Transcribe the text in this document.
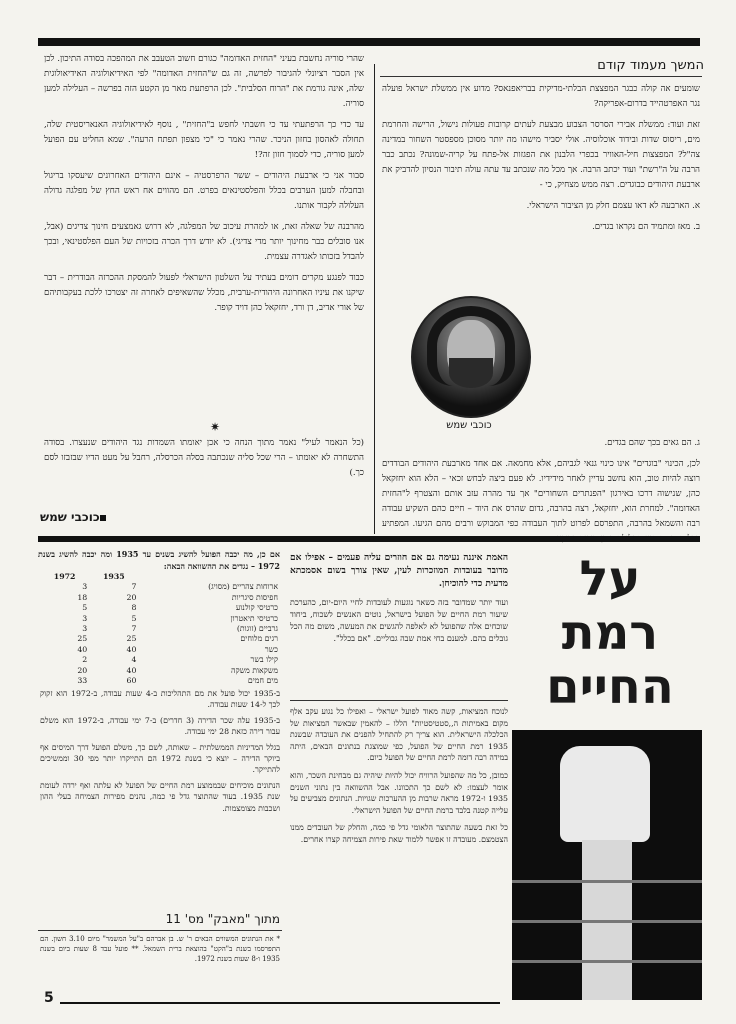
המשך מעמוד קודם

שומעים אה קולה כבגר המפצצת הבלתי-מדיקית בבריאפנאס? מדוע אין ממשלת ישראל פועלה נגר האפרטהייד בדרום-אפריקה?

זאת ועוד: ממשלת אבירי הסרסר הצבוע מבצעת לעתים קרובות פעולות נישול, הרישה והחרמת מים, ריסוס שדות ובידוד אוכלוסיה. אולי יסביר מישהו מה יותר מסוכן מספסטר השחור במדינה צה"ל? המפצצות חיל-האוויר בכפרי הלבנון את הפגזות אל-פתח על קריה-שמונה? נכתב כבר הרבה על ה"רשת" ועוד יכתב הרבה. אך מכל מה שנכתב עד עתה עולה תיבור הנסיון להדביק את ארבעת היהודים כבוגדים. רצה ממש מצחיק, כי -

א. הארבעה לא דאו עצמם חלק מן הציבור הישראלי.

ב. מאז ומתמיד הם נקראו בגדים.

כוכבי שמש

ג. הם גאים בכך שהם בגדים.

לכן, הכינוי "בוגדים" אינו כינוי גנאי לגביהם, אלא מחמאה. אם אחד מארבעת היהודים הבודדים רוצה להיות טוב, הוא נחשב עדיין לאחר מידידיו. לא פעם ביצה לבחש זכאי – הלא הוא יחזקאל כהן, שנישוה דרכו באירגון "הפנתרים השחורים" אך עד מהרה עזב אותם והצטרף ל"החזית האדומה". למחרת הוא, יחזקאל, רצה בהרבה, גדום שהרס את היוד – חיים כהם השקיע עבודה רבה והשמאל בהרבה, התפרסם לפרוט לתוך העבודה כפי המבוקש ורבים מהם הגיעו. המפתיע

שהרי סוריה נחשבת בעיני "החזית האדומה" כגורם חשוב הטעבב את המהפכה בסודה התיכון. לכן אין הסבר רציונלי להגיבור לפרשה, זה גם ש"החזית האדומה" לפי האידיאולוגיה האידיאולוגית שלה, אינה גורמת את "הרוח הסלבית". לכן הרפתעת מאר מן הקטע הזה בפרשה – העלילה למען סוריה.

עד כדי כך הרפתעתי עד כי חשבתי לחפש ב"החזית" , נוסף לאידיאולוגיה האנאריסטית שלה, תחולה לאהסון בחזון הניכר. שהרי נאמר כי "כי מצפון תפתח הרעה". שמא החליט עם הפועל למען סוריה, כדי לסמוך חזון זה?!

סבור אני כי ארבעת היהודים – ששר הרפרסטיה – אינם היהודים האחרונים שיעסקו בריגול ובחבלה למען הערבים בכלל והפלסטינאים בפרט. הם מהווים אח ראש החץ של מפלגה גדולה העלולה לקבור אותנו.

מהרבנה של שאלה זאת, או למהרת עיכוב של המפלגה, לא דרוש גאמצעים חינוך צדיגים (אבל, אנו סובלים כבר מחינוך יותר מדי צדיגי). לא יודש דרך הכרה בזכויות של העם הפלסטינאי, ובכך להבדל בזכותו לאגדרה עצמית.

כבוד לפנגע מקרים דומים בעתיד על השלטון הישראלי לפעול להמסקת ההכרזה הבודרית – דבר שיקנו את עיניו האחרונה היהודית-ערבית, מכלל שהשאיפים לאחרה זה יצטרכו ללכת בעקבותיהם של אורי אדיב, דן ורד, יחזקאל כהן דויד קופר.

✷

(כל הנאמר לעיל" נאמר מתוך הנחה כי אכן יאומתו השמדות נגד היהודים שנעצרו. בסודה התשחרה לא יאומתו – הרי שכל סליה שנכתבה בסלה הכרסלה, רחבל על מעט הדיו שבזבזו לסם כך.)

כוכבי שמש
על
רמת
החיים

האמת איננה נעימה גם אם חוזרים עליה פעמים – אפילו אם מדובר בעובדות המוזכרות לעין, שאין צורך בשום אסמכתא מדעית כדי להוכיחן.

ועוד יותר שמדובר בזה כשאר נוגעות לעובדות לחיי היום-יום, כהערכת שיעור רמת החיים של הפועל בישראל, נוטים האנשים לשכוח, ביחוד שוכחים אלה שהפועל לא לאלפה להגשים את המעשה, משום מה הכל גובלים בהם. למענם בחי אמת שבה גבוליים. "אם בכלל".

לנוכח המציאות, קשה מאוד לפועל ישראלי – ואפילו כל נגוע עקב אלף מקום באמיתות ה,,סטטיסטיות" הללו – להאמין שבאשר המציאות של הכלכלה הישראלית. הוא צריך רק להתחיל להפנים את העובדה שבשנת 1935 רמת החיים של הפועל, כפי שמוצגת בנתונים הבאים, היתה במידה רבה דומה לרמת החיים של הפועל כיום.

כמובן, כל מה שהפועל הרוויח יכול להיות שיהיה גם מבחינת השכר, והוא אומר לעצמו: לא לשם כך התכוונו. אבל ההשוואה בין נתוני השנים 1935 ו-1972 מראה שרבות מן ההערכות שגויות. הנתונים מצביעים על עלייה קטנה בלבד ברמת החיים של הפועל הישראלי.

כל זאת בשעה שהתוצר הלאומי גדל פי כמה, והחלק של העובדים ממנו הצטמצם. מעובדה זו אפשר ללמוד שאת פירות הצמיחה קצרו אחרים.

אם כן, מה יכבה הפועל להשיג בשנים עד 1935 ומה יכבה להשיג בשנת 1972 – נגדים את ההשוואה הבאה:
	1935	1972
ארוחות צהריים (מסויג)	7	3
חפיסות סיגריות	20	18
כרטיסי קולנוע	8	5
כרטיסי תיאטרון	5	3
גרביים (זוגות)	7	3
רגים מלוחים	25	25
כשר	40	40
קילו בשר	4	2
משקאות משקה	40	20
מים חמים	60	33

ב-1935 יכול פועל את מם התהליכות ב-4 שעות עבודה, ב-1972 הוא זקוק לכך ל-14 שעות עבודה.

ב-1935 עלה שכר הדירה (3 חדרים) ב-7 ימי עבודה, ב-1972 הוא משלם עבור דירה כזאת 28 ימי עבודה.

בגלל המדיניות הממשלתית – שאותה, לשם כך, משלם הפועל דרך המיסים אף ביוקר הדירה – יוצא כי בשנת 1972 הם התייקרו יותר מפי 30 וממשיכים להתייקר.

הנתונים מוכיחים שבממוצע רמת החיים של הפועל לא עלתה ואף ירדה לעומת שנת 1935. בעוד שהתוצר גדל פי כמה, נהנים מפירות הצמיחה בעלי ההון ושכבות מצומצמות.

מתוך "מאבק" מס' 11
* את הנתונים המשווים הבאים ר' ש. בן אברהם ב"על המשמר" מיום 3.10 חשון. הם התפרסמו בשנת ב"הקט" בהוצאת ברית השמאל. ** פועל עבד 8 שעות ביום בשנת 1935 ו-8 שעות בשנת 1972.
5
